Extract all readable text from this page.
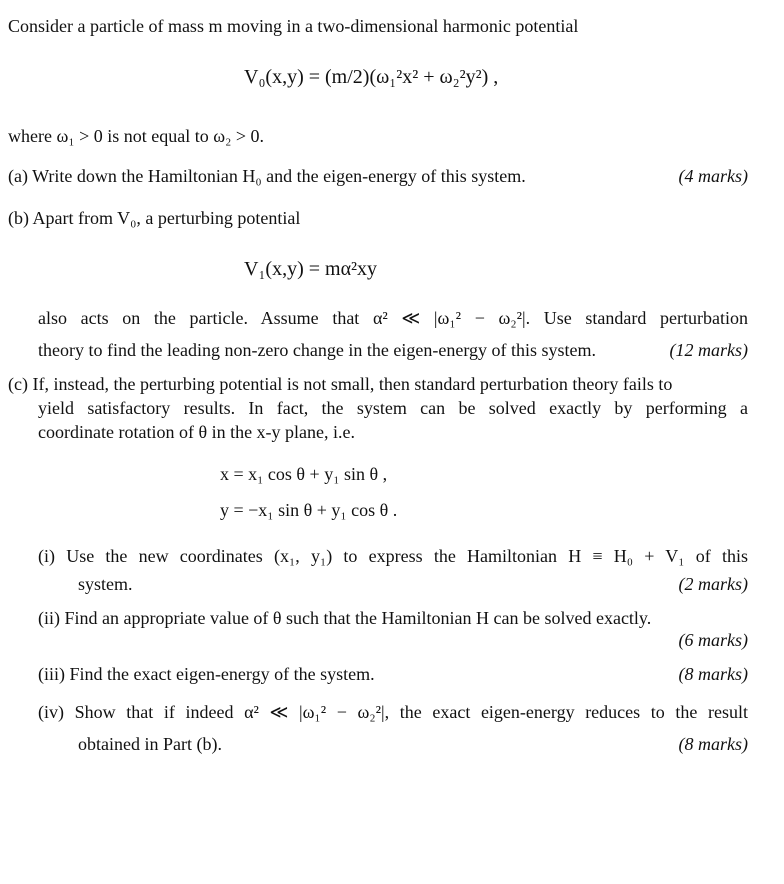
Consider a particle of mass m moving in a two-dimensional harmonic potential
V₀(x,y) = (m/2)(ω₁²x² + ω₂²y²) ,
where ω₁ > 0 is not equal to ω₂ > 0.
(a) Write down the Hamiltonian H₀ and the eigen-energy of this system.	(4 marks)
(b) Apart from V₀, a perturbing potential
V₁(x,y) = mα²xy
also acts on the particle. Assume that α² ≪ |ω₁² − ω₂²|. Use standard perturbation
theory to find the leading non-zero change in the eigen-energy of this system.	(12 marks)
(c) If, instead, the perturbing potential is not small, then standard perturbation theory fails to
yield satisfactory results. In fact, the system can be solved exactly by performing a
coordinate rotation of θ in the x-y plane, i.e.
x = x₁ cos θ + y₁ sin θ ,
y = −x₁ sin θ + y₁ cos θ .
(i) Use the new coordinates (x₁, y₁) to express the Hamiltonian H ≡ H₀ + V₁ of this
system.	(2 marks)
(ii) Find an appropriate value of θ such that the Hamiltonian H can be solved exactly.
(6 marks)
(iii) Find the exact eigen-energy of the system.	(8 marks)
(iv) Show that if indeed α² ≪ |ω₁² − ω₂²|, the exact eigen-energy reduces to the result
obtained in Part (b).	(8 marks)
